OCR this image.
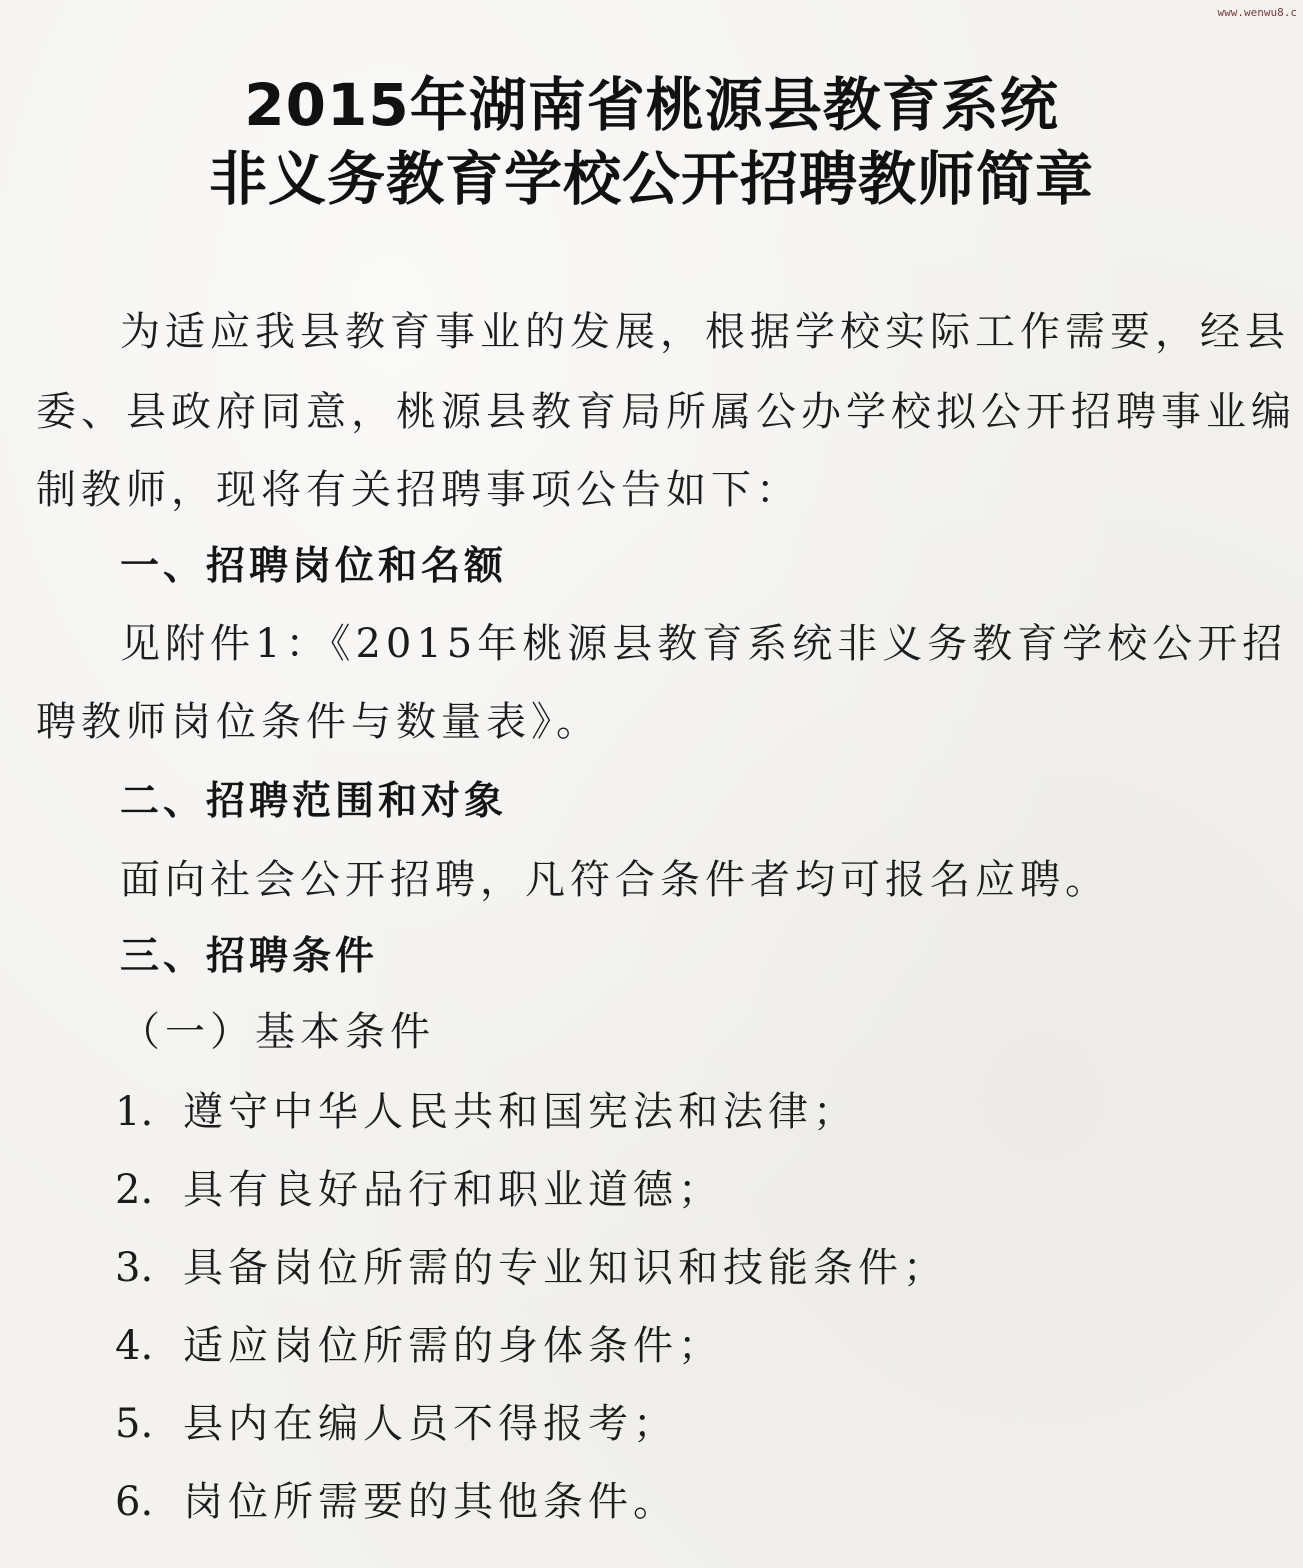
www.wenwu8.c
2015年湖南省桃源县教育系统
非义务教育学校公开招聘教师简章
为适应我县教育事业的发展，根据学校实际工作需要，经县
委、县政府同意，桃源县教育局所属公办学校拟公开招聘事业编
制教师，现将有关招聘事项公告如下：
一、招聘岗位和名额
见附件1：《2015年桃源县教育系统非义务教育学校公开招
聘教师岗位条件与数量表》。
二、招聘范围和对象
面向社会公开招聘，凡符合条件者均可报名应聘。
三、招聘条件
（一）基本条件
1. 遵守中华人民共和国宪法和法律；
2. 具有良好品行和职业道德；
3. 具备岗位所需的专业知识和技能条件；
4. 适应岗位所需的身体条件；
5. 县内在编人员不得报考；
6. 岗位所需要的其他条件。
